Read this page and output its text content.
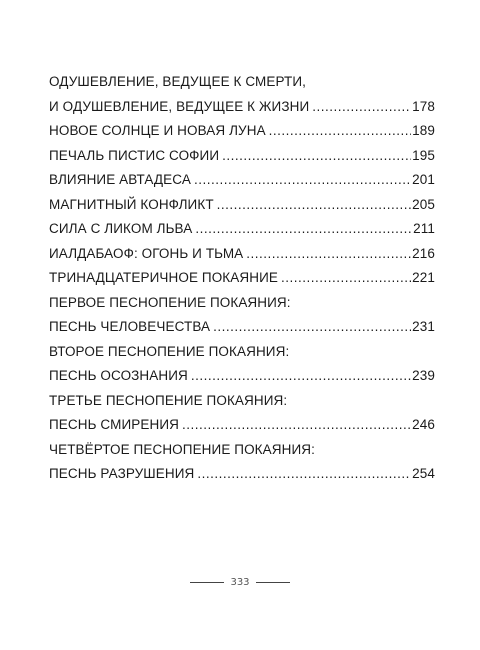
ОДУШЕВЛЕНИЕ, ВЕДУЩЕЕ К СМЕРТИ,
И ОДУШЕВЛЕНИЕ, ВЕДУЩЕЕ К ЖИЗНИ .....	178
НОВОЕ СОЛНЦЕ И НОВАЯ ЛУНА .....	189
ПЕЧАЛЬ ПИСТИС СОФИИ .....	195
ВЛИЯНИЕ АВТАДЕСА .....	201
МАГНИТНЫЙ КОНФЛИКТ .....	205
СИЛА С ЛИКОМ ЛЬВА .....	211
ИАЛДАБАОФ: ОГОНЬ И ТЬМА .....	216
ТРИНАДЦАТЕРИЧНОЕ ПОКАЯНИЕ .....	221
ПЕРВОЕ ПЕСНОПЕНИЕ ПОКАЯНИЯ:
ПЕСНЬ ЧЕЛОВЕЧЕСТВА .....	231
ВТОРОЕ ПЕСНОПЕНИЕ ПОКАЯНИЯ:
ПЕСНЬ ОСОЗНАНИЯ .....	239
ТРЕТЬЕ ПЕСНОПЕНИЕ ПОКАЯНИЯ:
ПЕСНЬ СМИРЕНИЯ .....	246
ЧЕТВЁРТОЕ ПЕСНОПЕНИЕ ПОКАЯНИЯ:
ПЕСНЬ РАЗРУШЕНИЯ .....	254
333
